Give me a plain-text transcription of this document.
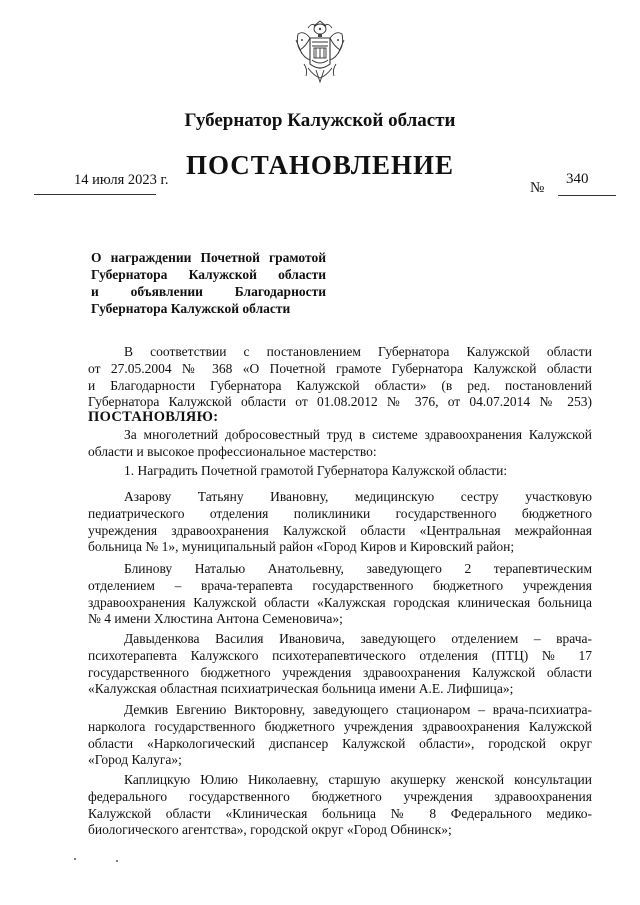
Губернатор Калужской области
ПОСТАНОВЛЕНИЕ
14 июля 2023 г.	№
340
О награждении Почетной грамотой
Губернатора Калужской области
и объявлении Благодарности
Губернатора Калужской области
В соответствии с постановлением Губернатора Калужской области
от 27.05.2004 № 368 «О Почетной грамоте Губернатора Калужской области
и Благодарности Губернатора Калужской области» (в ред. постановлений
Губернатора Калужской области от 01.08.2012 № 376, от 04.07.2014 № 253)
ПОСТАНОВЛЯЮ:
За многолетний добросовестный труд в системе здравоохранения Калужской
области и высокое профессиональное мастерство:
1. Наградить Почетной грамотой Губернатора Калужской области:
Азарову Татьяну Ивановну, медицинскую сестру участковую
педиатрического отделения поликлиники государственного бюджетного
учреждения здравоохранения Калужской области «Центральная межрайонная
больница № 1», муниципальный район «Город Киров и Кировский район;
Блинову Наталью Анатольевну, заведующего 2 терапевтическим
отделением – врача-терапевта государственного бюджетного учреждения
здравоохранения Калужской области «Калужская городская клиническая больница
№ 4 имени Хлюстина Антона Семеновича»;
Давыденкова Василия Ивановича, заведующего отделением – врача-
психотерапевта Калужского психотерапевтического отделения (ПТЦ) № 17
государственного бюджетного учреждения здравоохранения Калужской области
«Калужская областная психиатрическая больница имени А.Е. Лифшица»;
Демкив Евгению Викторовну, заведующего стационаром – врача-психиатра-
нарколога государственного бюджетного учреждения здравоохранения Калужской
области «Наркологический диспансер Калужской области», городской округ
«Город Калуга»;
Каплицкую Юлию Николаевну, старшую акушерку женской консультации
федерального государственного бюджетного учреждения здравоохранения
Калужской области «Клиническая больница № 8 Федерального медико-
биологического агентства», городской округ «Город Обнинск»;
